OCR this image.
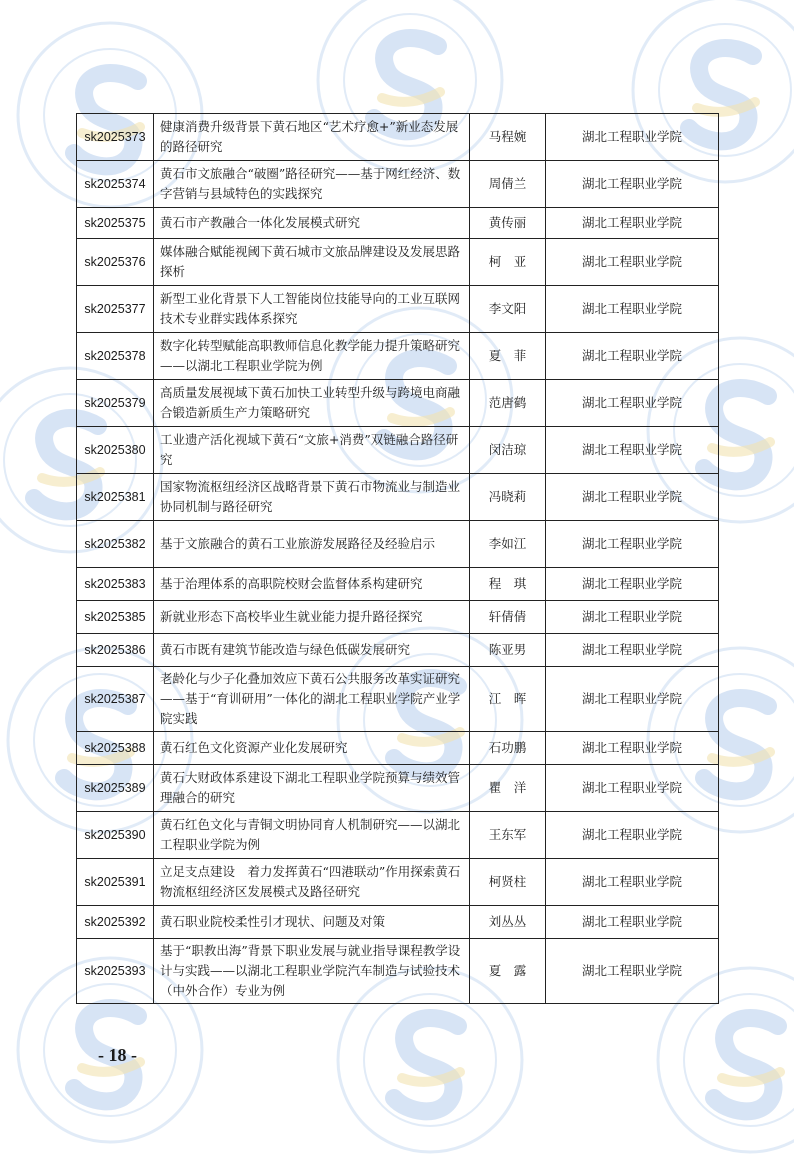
sk2025373	健康消费升级背景下黄石地区“艺术疗愈+”新业态发展的路径研究	马程婉	湖北工程职业学院
sk2025374	黄石市文旅融合“破圈”路径研究——基于网红经济、数字营销与县域特色的实践探究	周倩兰	湖北工程职业学院
sk2025375	黄石市产教融合一体化发展模式研究	黄传丽	湖北工程职业学院
sk2025376	媒体融合赋能视阈下黄石城市文旅品牌建设及发展思路探析	柯　亚	湖北工程职业学院
sk2025377	新型工业化背景下人工智能岗位技能导向的工业互联网技术专业群实践体系探究	李文阳	湖北工程职业学院
sk2025378	数字化转型赋能高职教师信息化教学能力提升策略研究——以湖北工程职业学院为例	夏　菲	湖北工程职业学院
sk2025379	高质量发展视域下黄石加快工业转型升级与跨境电商融合锻造新质生产力策略研究	范唐鹤	湖北工程职业学院
sk2025380	工业遗产活化视域下黄石“文旅+消费”双链融合路径研究	闵洁琼	湖北工程职业学院
sk2025381	国家物流枢纽经济区战略背景下黄石市物流业与制造业协同机制与路径研究	冯晓莉	湖北工程职业学院
sk2025382	基于文旅融合的黄石工业旅游发展路径及经验启示	李如江	湖北工程职业学院
sk2025383	基于治理体系的高职院校财会监督体系构建研究	程　琪	湖北工程职业学院
sk2025385	新就业形态下高校毕业生就业能力提升路径探究	轩倩倩	湖北工程职业学院
sk2025386	黄石市既有建筑节能改造与绿色低碳发展研究	陈亚男	湖北工程职业学院
sk2025387	老龄化与少子化叠加效应下黄石公共服务改革实证研究——基于“育训研用”一体化的湖北工程职业学院产业学院实践	江　晖	湖北工程职业学院
sk2025388	黄石红色文化资源产业化发展研究	石功鹏	湖北工程职业学院
sk2025389	黄石大财政体系建设下湖北工程职业学院预算与绩效管理融合的研究	瞿　洋	湖北工程职业学院
sk2025390	黄石红色文化与青铜文明协同育人机制研究——以湖北工程职业学院为例	王东军	湖北工程职业学院
sk2025391	立足支点建设　着力发挥黄石“四港联动”作用探索黄石物流枢纽经济区发展模式及路径研究	柯贤柱	湖北工程职业学院
sk2025392	黄石职业院校柔性引才现状、问题及对策	刘丛丛	湖北工程职业学院
sk2025393	基于“职教出海”背景下职业发展与就业指导课程教学设计与实践——以湖北工程职业学院汽车制造与试验技术（中外合作）专业为例	夏　露	湖北工程职业学院
- 18 -
